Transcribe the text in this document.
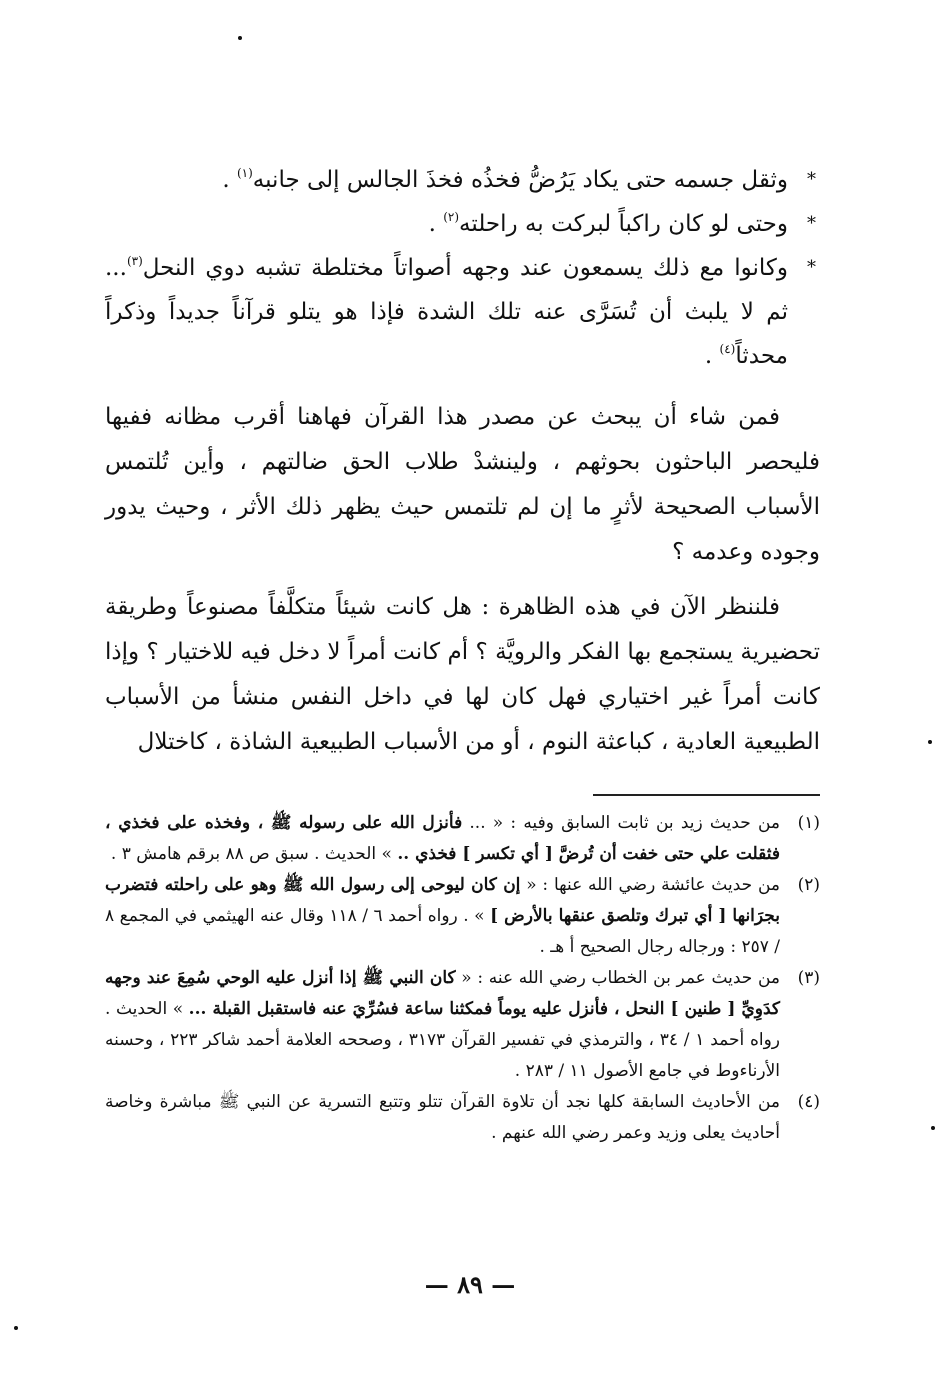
*
وثقل جسمه حتى يكاد يَرُضُّ فخذُه فخذَ الجالس إلى جانبه$^{(١)}$ .
*
وحتى لو كان راكباً لبركت به راحلته$^{(٢)}$ .
*
وكانوا مع ذلك يسمعون عند وجهه أصواتاً مختلطة تشبه دوي النحل$^{(٣)}$... ثم لا يلبث أن تُسَرَّى عنه تلك الشدة فإذا هو يتلو قرآناً جديداً وذكراً محدثاً$^{(٤)}$ .

فمن شاء أن يبحث عن مصدر هذا القرآن فهاهنا أقرب مظانه ففيها فليحصر الباحثون بحوثهم ، ولينشدْ طلاب الحق ضالتهم ، وأين تُلتمس الأسباب الصحيحة لأثرٍ ما إن لم تلتمس حيث يظهر ذلك الأثر ، وحيث يدور وجوده وعدمه ؟

فلننظر الآن في هذه الظاهرة : هل كانت شيئاً متكلَّفاً مصنوعاً وطريقة تحضيرية يستجمع بها الفكر والرويَّة ؟ أم كانت أمراً لا دخل فيه للاختيار ؟ وإذا كانت أمراً غير اختياري فهل كان لها في داخل النفس منشأ من الأسباب الطبيعية العادية ، كباعثة النوم ، أو من الأسباب الطبيعية الشاذة ، كاختلال

(١)
من حديث زيد بن ثابت السابق وفيه : « ... فأنزل الله على رسوله ﷺ ، وفخذه على فخذي ، فثقلت علي حتى خفت أن تُرضَّ [ أي تكسر ] فخذي .. » الحديث . سبق ص ٨٨ برقم هامش ٣ .
(٢)
من حديث عائشة رضي الله عنها : « إن كان ليوحى إلى رسول الله ﷺ وهو على راحلته فتضرب بجرَانها [ أي تبرك وتلصق عنقها بالأرض ] » . رواه أحمد ٦ / ١١٨ وقال عنه الهيثمي في المجمع ٨ / ٢٥٧ : ورجاله رجال الصحيح أ هـ .
(٣)
من حديث عمر بن الخطاب رضي الله عنه : « كان النبي ﷺ إذا أنزل عليه الوحي سُمِعَ عند وجهه كدَوِيِّ [ طنين ] النحل ، فأنزل عليه يوماً فمكثنا ساعة فسُرِّيَ عنه فاستقبل القبلة ... » الحديث . رواه أحمد ١ / ٣٤ ، والترمذي في تفسير القرآن ٣١٧٣ ، وصححه العلامة أحمد شاكر ٢٢٣ ، وحسنه الأرناءوط في جامع الأصول ١١ / ٢٨٣ .
(٤)
من الأحاديث السابقة كلها نجد أن تلاوة القرآن تتلو وتتبع التسرية عن النبي ﷺ مباشرة وخاصة أحاديث يعلى وزيد وعمر رضي الله عنهم .
— ٨٩ —
